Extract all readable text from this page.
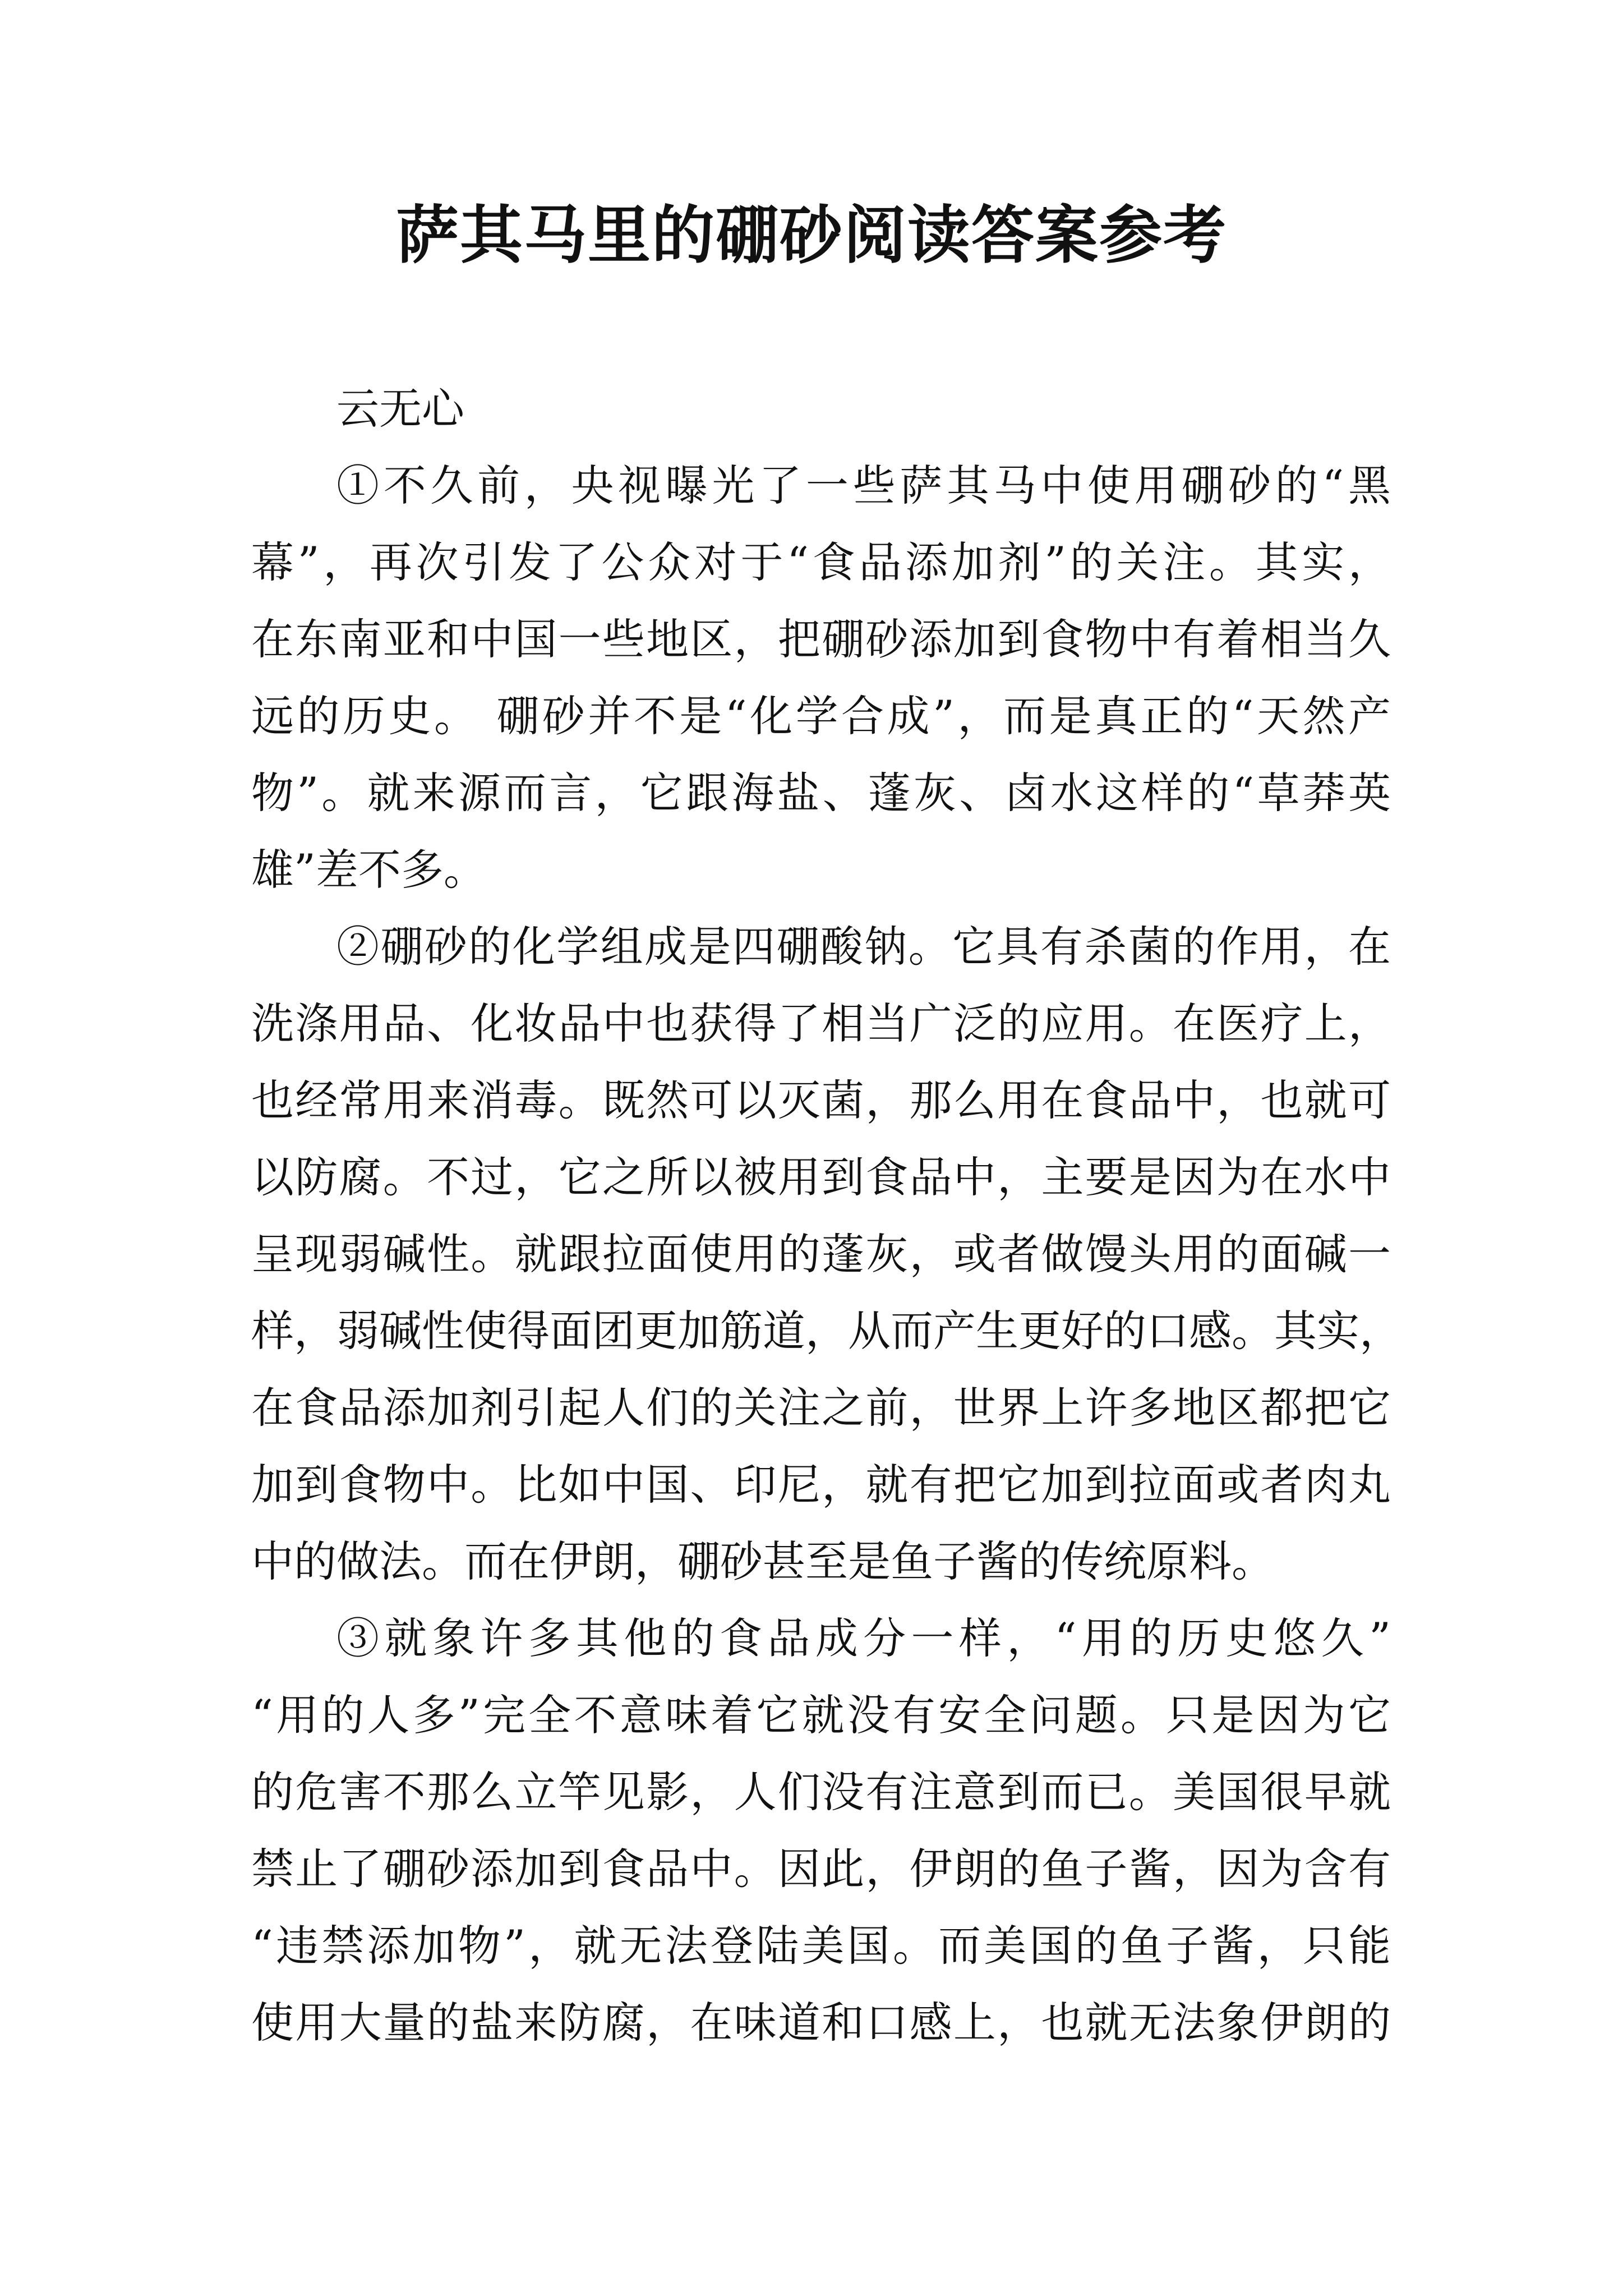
萨其马里的硼砂阅读答案参考
云无心
①不久前，央视曝光了一些萨其马中使用硼砂的“黑
幕”，再次引发了公众对于“食品添加剂”的关注。其实，
在东南亚和中国一些地区，把硼砂添加到食物中有着相当久
远的历史。 硼砂并不是“化学合成”，而是真正的“天然产
物”。就来源而言，它跟海盐、蓬灰、卤水这样的“草莽英
雄”差不多。
②硼砂的化学组成是四硼酸钠。它具有杀菌的作用，在
洗涤用品、化妆品中也获得了相当广泛的应用。在医疗上，
也经常用来消毒。既然可以灭菌，那么用在食品中，也就可
以防腐。不过，它之所以被用到食品中，主要是因为在水中
呈现弱碱性。就跟拉面使用的蓬灰，或者做馒头用的面碱一
样，弱碱性使得面团更加筋道，从而产生更好的口感。其实，
在食品添加剂引起人们的关注之前，世界上许多地区都把它
加到食物中。比如中国、印尼，就有把它加到拉面或者肉丸
中的做法。而在伊朗，硼砂甚至是鱼子酱的传统原料。
③就象许多其他的食品成分一样，“用的历史悠久”
“用的人多”完全不意味着它就没有安全问题。只是因为它
的危害不那么立竿见影，人们没有注意到而已。美国很早就
禁止了硼砂添加到食品中。因此，伊朗的鱼子酱，因为含有
“违禁添加物”，就无法登陆美国。而美国的鱼子酱，只能
使用大量的盐来防腐，在味道和口感上，也就无法象伊朗的
